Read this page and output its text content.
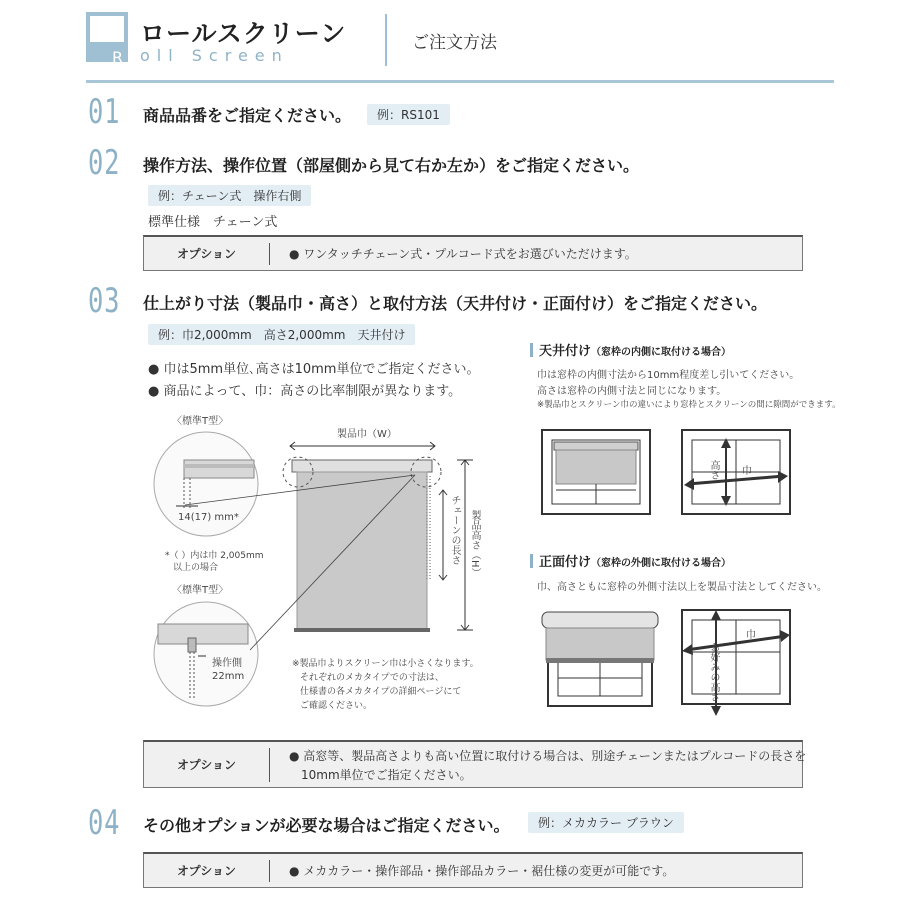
R
ロールスクリーン
oll Screen
ご注文方法
01 商品品番をご指定ください。	例：RS101
02 操作方法、操作位置（部屋側から見て右か左か）をご指定ください。
例：チェーン式　操作右側
標準仕様　チェーン式
オプション	● ワンタッチチェーン式・プルコード式をお選びいただけます。
03 仕上がり寸法（製品巾・高さ）と取付方法（天井付け・正面付け）をご指定ください。
例：巾2,000mm　高さ2,000mm　天井付け
● 巾は5mm単位､高さは10mm単位でご指定ください。
● 商品によって、巾：高さの比率制限が異なります。
〈標準T型〉
14(17) mm*
*（ ）内は巾 2,005mm
以上の場合
〈標準T型〉
操作側
22mm
製品巾（W）
チェーンの長さ 製品高さ（H）
※製品巾よりスクリーン巾は小さくなります。
それぞれのメカタイプでの寸法は、
仕様書の各メカタイプの詳細ページにて
ご確認ください。
天井付け（窓枠の内側に取付ける場合）
巾は窓枠の内側寸法から10mm程度差し引いてください。
高さは窓枠の内側寸法と同じになります。
※製品巾とスクリーン巾の違いにより窓枠とスクリーンの間に隙間ができます。
巾
高さ
正面付け（窓枠の外側に取付ける場合）
巾、高さともに窓枠の外側寸法以上を製品寸法としてください。
巾
お好みの高さ
オプション
● 高窓等、製品高さよりも高い位置に取付ける場合は、別途チェーンまたはプルコードの長さを
10mm単位でご指定ください。
04 その他オプションが必要な場合はご指定ください。	例：メカカラー ブラウン
オプション	● メカカラー・操作部品・操作部品カラー・裾仕様の変更が可能です。
